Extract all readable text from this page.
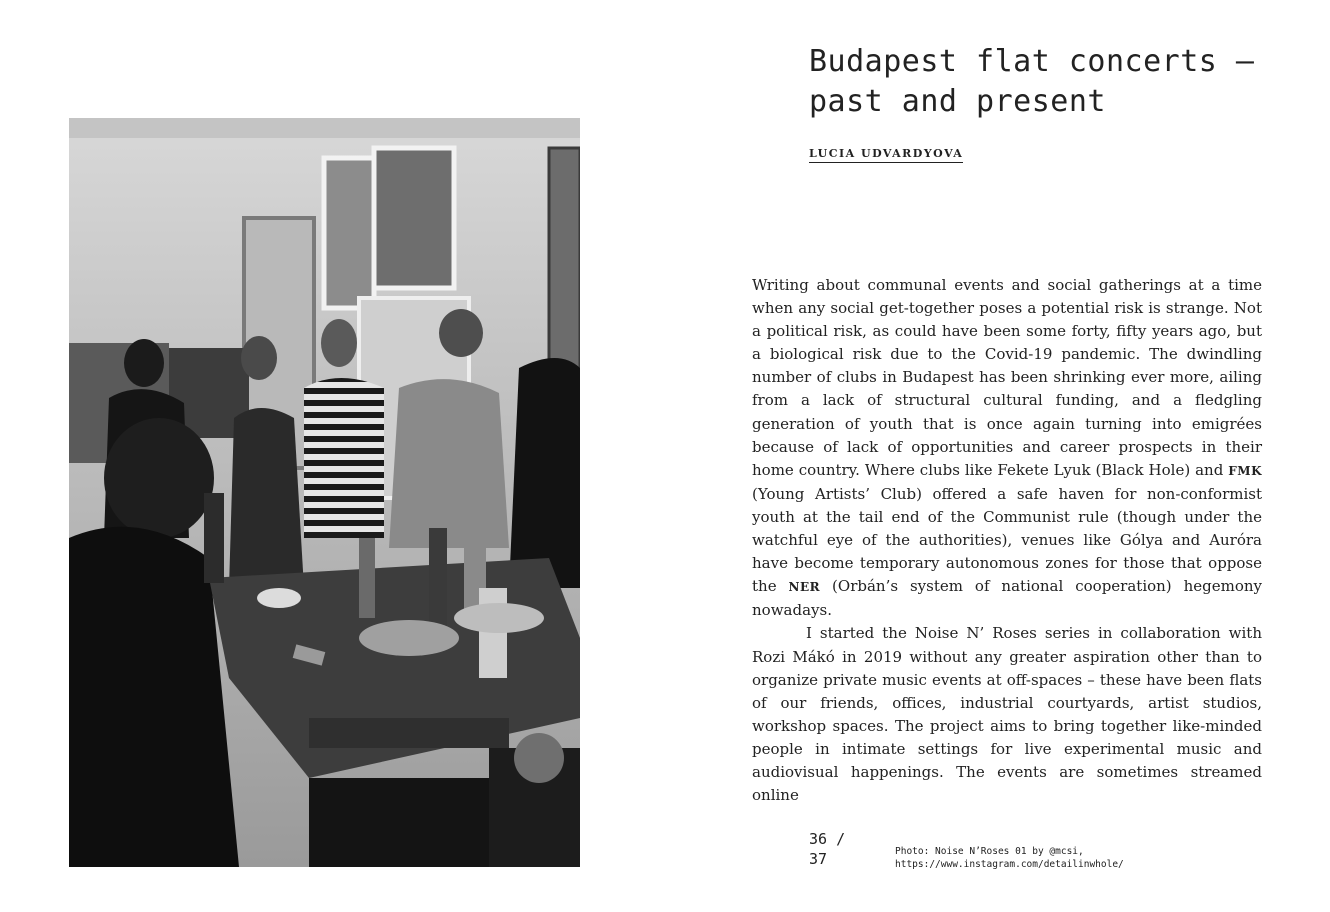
Budapest flat concerts — past and present
LUCIA UDVARDYOVA

Writing about communal events and social gatherings at a time when any social get-together poses a potential risk is strange. Not a political risk, as could have been some forty, fifty years ago, but a biological risk due to the Covid-19 pandemic. The dwindling number of clubs in Budapest has been shrinking ever more, ailing from a lack of structural cultural funding, and a fledgling generation of youth that is once again turning into emigrées because of lack of opportunities and career prospects in their home country. Where clubs like Fekete Lyuk (Black Hole) and FMK (Young Artists’ Club) offered a safe haven for non-conformist youth at the tail end of the Communist rule (though under the watchful eye of the authorities), venues like Gólya and Auróra have become temporary autonomous zones for those that oppose the NER (Orbán’s system of national cooperation) hegemony nowadays.

I started the Noise N’ Roses series in collaboration with Rozi Mákó in 2019 without any greater aspiration other than to organize private music events at off-spaces – these have been flats of our friends, offices, industrial courtyards, artist studios, workshop spaces. The project aims to bring together like-minded people in intimate settings for live experimental music and audiovisual happenings. The events are sometimes streamed online

36 /
37	Photo: Noise N’Roses 01 by @mcsi,
https://www.instagram.com/detailinwhole/
